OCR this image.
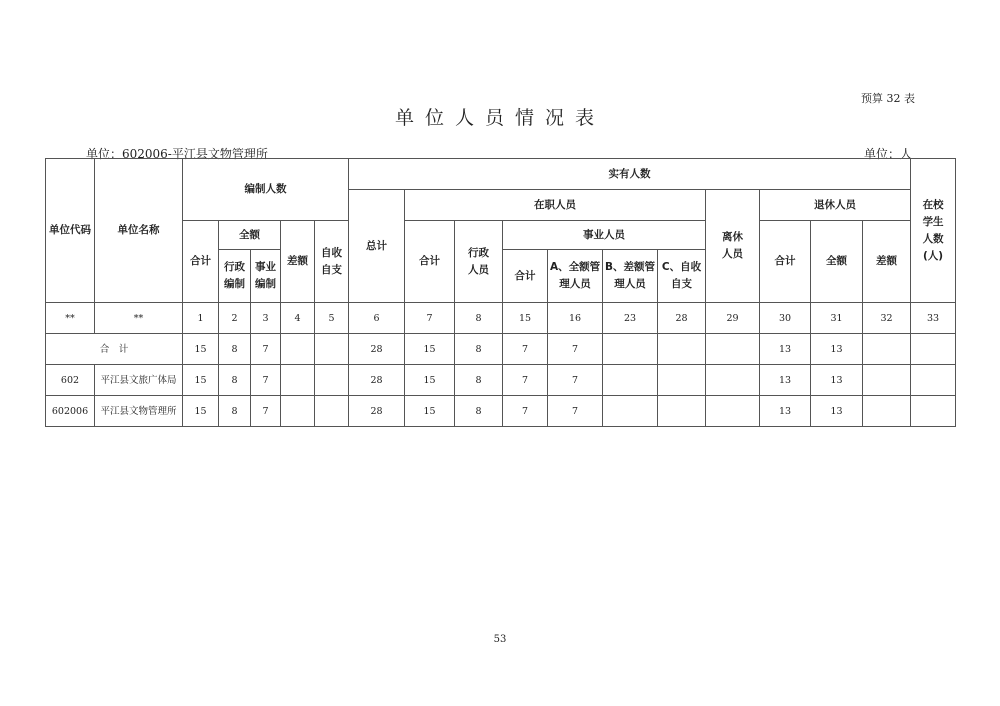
预算 32 表
单位人员情况表
单位：602006-平江县文物管理所	单位：人
单位代码	单位名称	编制人数					实有人数											在校学生人数(人)
							总计	在职人员						离休人员	退休人员			
		合计	全额		差额	自收自支		合计	行政人员	事业人员					合计	全额	差额	
			行政编制	事业编制						合计	A、全额管理人员	B、差额管理人员	C、自收自支					
**	**	1	2	3	4	5	6	7	8	15	16	23	28	29	30	31	32	33
合　计		15	8	7			28	15	8	7	7				13	13		
602	平江县文旅广体局	15	8	7			28	15	8	7	7				13	13		
602006	平江县文物管理所	15	8	7			28	15	8	7	7				13	13		
53
